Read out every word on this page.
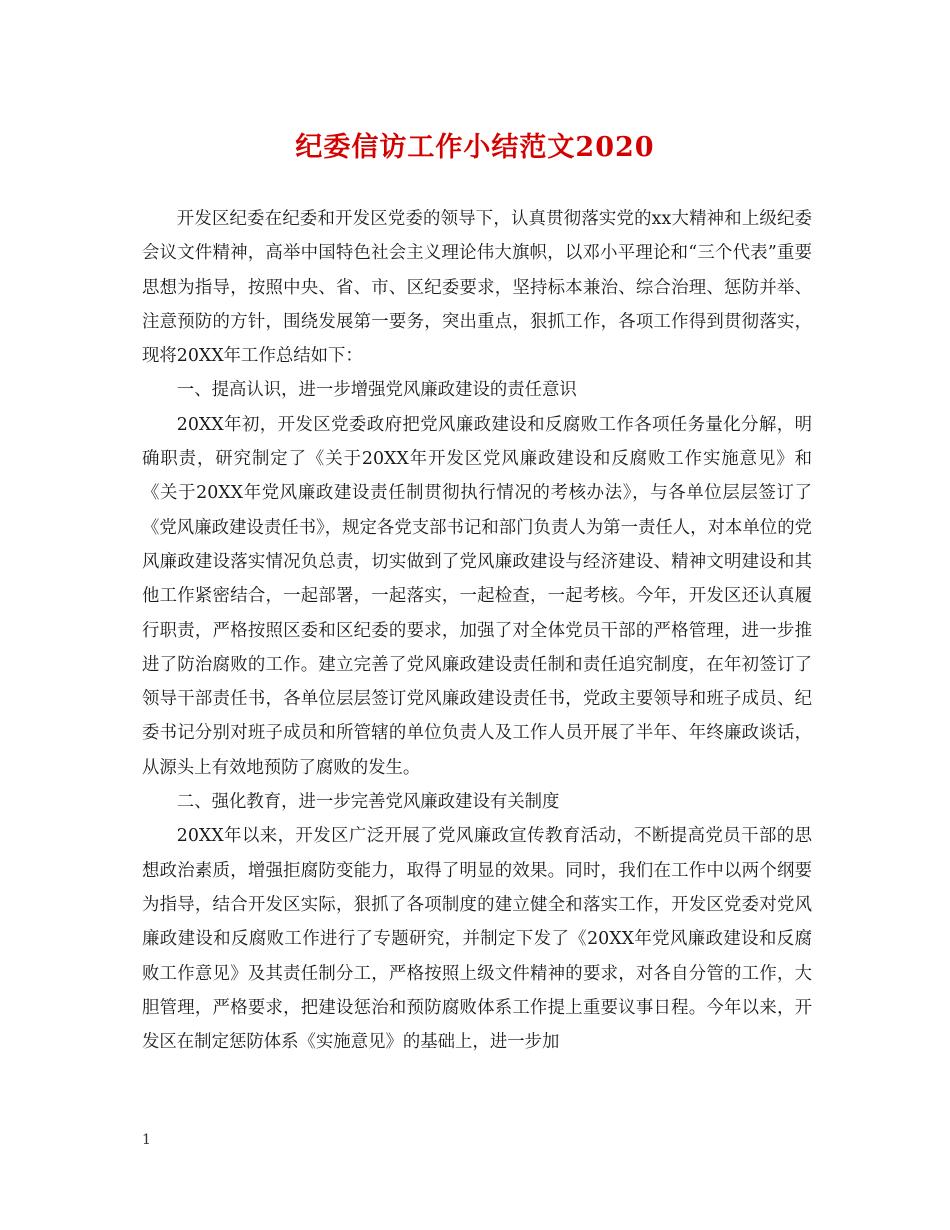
纪委信访工作小结范文2020

开发区纪委在纪委和开发区党委的领导下，认真贯彻落实党的xx大精神和上级纪委会议文件精神，高举中国特色社会主义理论伟大旗帜，以邓小平理论和“三个代表”重要思想为指导，按照中央、省、市、区纪委要求，坚持标本兼治、综合治理、惩防并举、注意预防的方针，围绕发展第一要务，突出重点，狠抓工作，各项工作得到贯彻落实，现将20XX年工作总结如下：

一、提高认识，进一步增强党风廉政建设的责任意识

20XX年初，开发区党委政府把党风廉政建设和反腐败工作各项任务量化分解，明确职责，研究制定了《关于20XX年开发区党风廉政建设和反腐败工作实施意见》和《关于20XX年党风廉政建设责任制贯彻执行情况的考核办法》，与各单位层层签订了《党风廉政建设责任书》，规定各党支部书记和部门负责人为第一责任人，对本单位的党风廉政建设落实情况负总责，切实做到了党风廉政建设与经济建设、精神文明建设和其他工作紧密结合，一起部署，一起落实，一起检查，一起考核。今年，开发区还认真履行职责，严格按照区委和区纪委的要求，加强了对全体党员干部的严格管理，进一步推进了防治腐败的工作。建立完善了党风廉政建设责任制和责任追究制度，在年初签订了领导干部责任书，各单位层层签订党风廉政建设责任书，党政主要领导和班子成员、纪委书记分别对班子成员和所管辖的单位负责人及工作人员开展了半年、年终廉政谈话，从源头上有效地预防了腐败的发生。

二、强化教育，进一步完善党风廉政建设有关制度

20XX年以来，开发区广泛开展了党风廉政宣传教育活动，不断提高党员干部的思想政治素质，增强拒腐防变能力，取得了明显的效果。同时，我们在工作中以两个纲要为指导，结合开发区实际，狠抓了各项制度的建立健全和落实工作，开发区党委对党风廉政建设和反腐败工作进行了专题研究，并制定下发了《20XX年党风廉政建设和反腐败工作意见》及其责任制分工，严格按照上级文件精神的要求，对各自分管的工作，大胆管理，严格要求，把建设惩治和预防腐败体系工作提上重要议事日程。今年以来，开发区在制定惩防体系《实施意见》的基础上，进一步加

1
